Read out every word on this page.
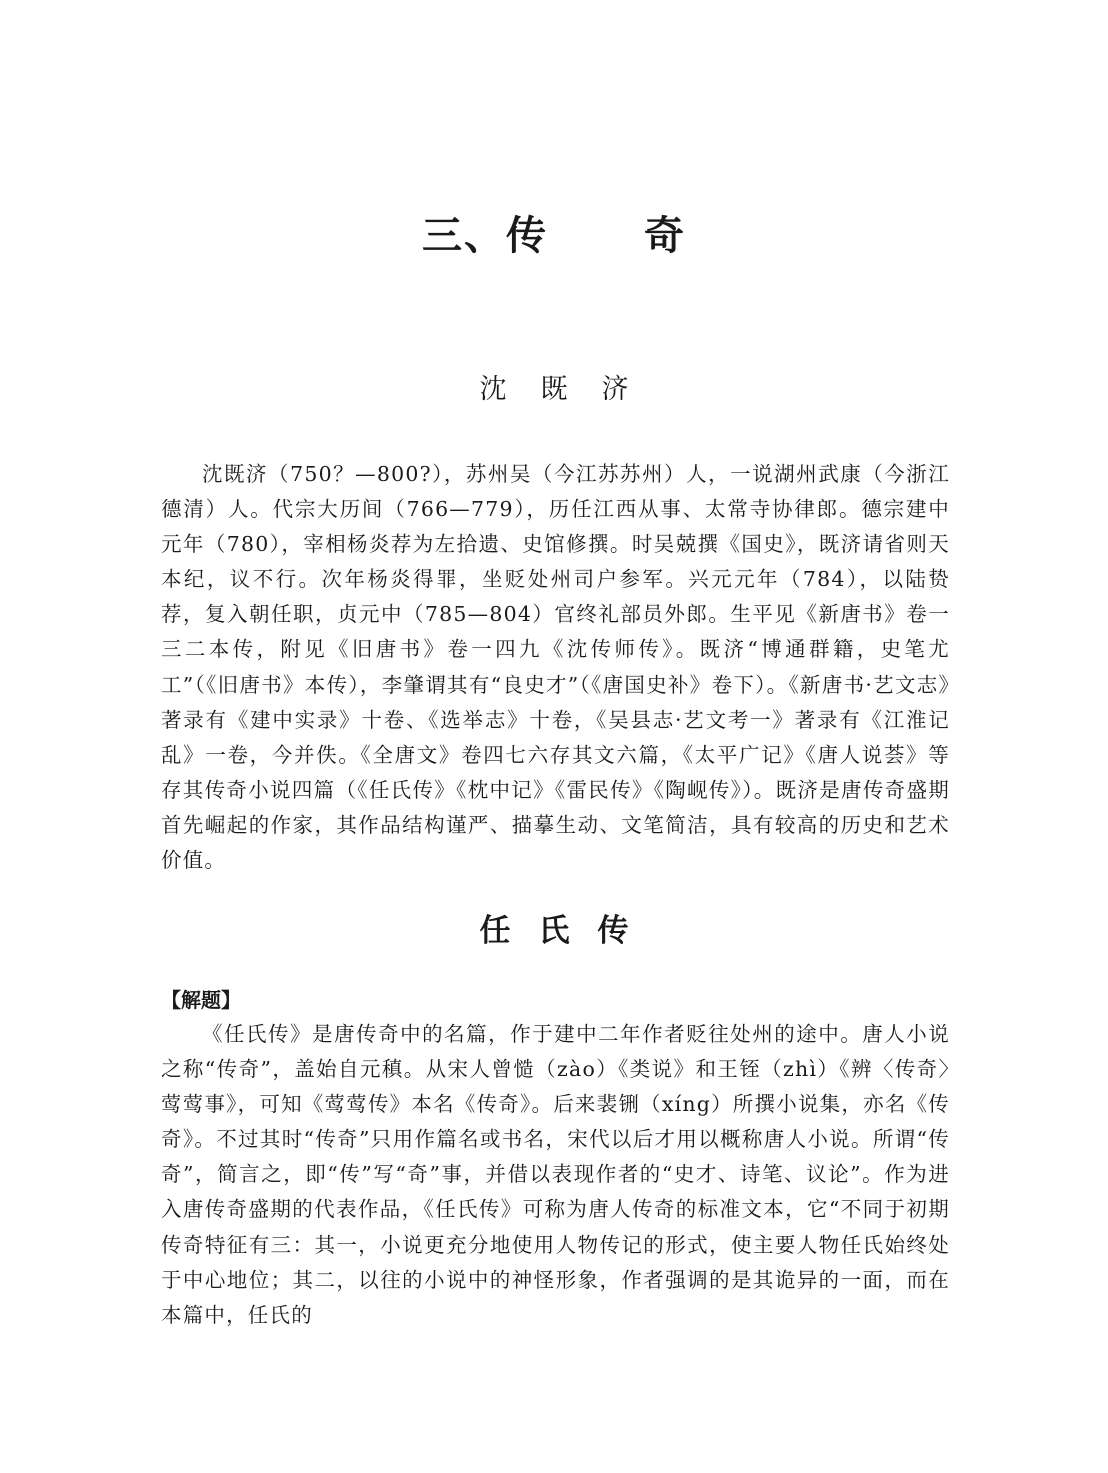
三、传 奇
沈 既 济

沈既济（750？—800?），苏州吴（今江苏苏州）人，一说湖州武康（今浙江德清）人。代宗大历间（766—779），历任江西从事、太常寺协律郎。德宗建中元年（780），宰相杨炎荐为左拾遗、史馆修撰。时吴兢撰《国史》，既济请省则天本纪，议不行。次年杨炎得罪，坐贬处州司户参军。兴元元年（784），以陆贽荐，复入朝任职，贞元中（785—804）官终礼部员外郎。生平见《新唐书》卷一三二本传，附见《旧唐书》卷一四九《沈传师传》。既济“博通群籍，史笔尤工”（《旧唐书》本传），李肇谓其有“良史才”（《唐国史补》卷下）。《新唐书·艺文志》著录有《建中实录》十卷、《选举志》十卷，《吴县志·艺文考一》著录有《江淮记乱》一卷，今并佚。《全唐文》卷四七六存其文六篇，《太平广记》《唐人说荟》等存其传奇小说四篇（《任氏传》《枕中记》《雷民传》《陶岘传》）。既济是唐传奇盛期首先崛起的作家，其作品结构谨严、描摹生动、文笔简洁，具有较高的历史和艺术价值。

任 氏 传
【解题】

《任氏传》是唐传奇中的名篇，作于建中二年作者贬往处州的途中。唐人小说之称“传奇”，盖始自元稹。从宋人曾慥（zào）《类说》和王铚（zhì）《辨〈传奇〉莺莺事》，可知《莺莺传》本名《传奇》。后来裴铏（xíng）所撰小说集，亦名《传奇》。不过其时“传奇”只用作篇名或书名，宋代以后才用以概称唐人小说。所谓“传奇”，简言之，即“传”写“奇”事，并借以表现作者的“史才、诗笔、议论”。作为进入唐传奇盛期的代表作品，《任氏传》可称为唐人传奇的标准文本，它“不同于初期传奇特征有三：其一，小说更充分地使用人物传记的形式，使主要人物任氏始终处于中心地位；其二，以往的小说中的神怪形象，作者强调的是其诡异的一面，而在本篇中，任氏的
